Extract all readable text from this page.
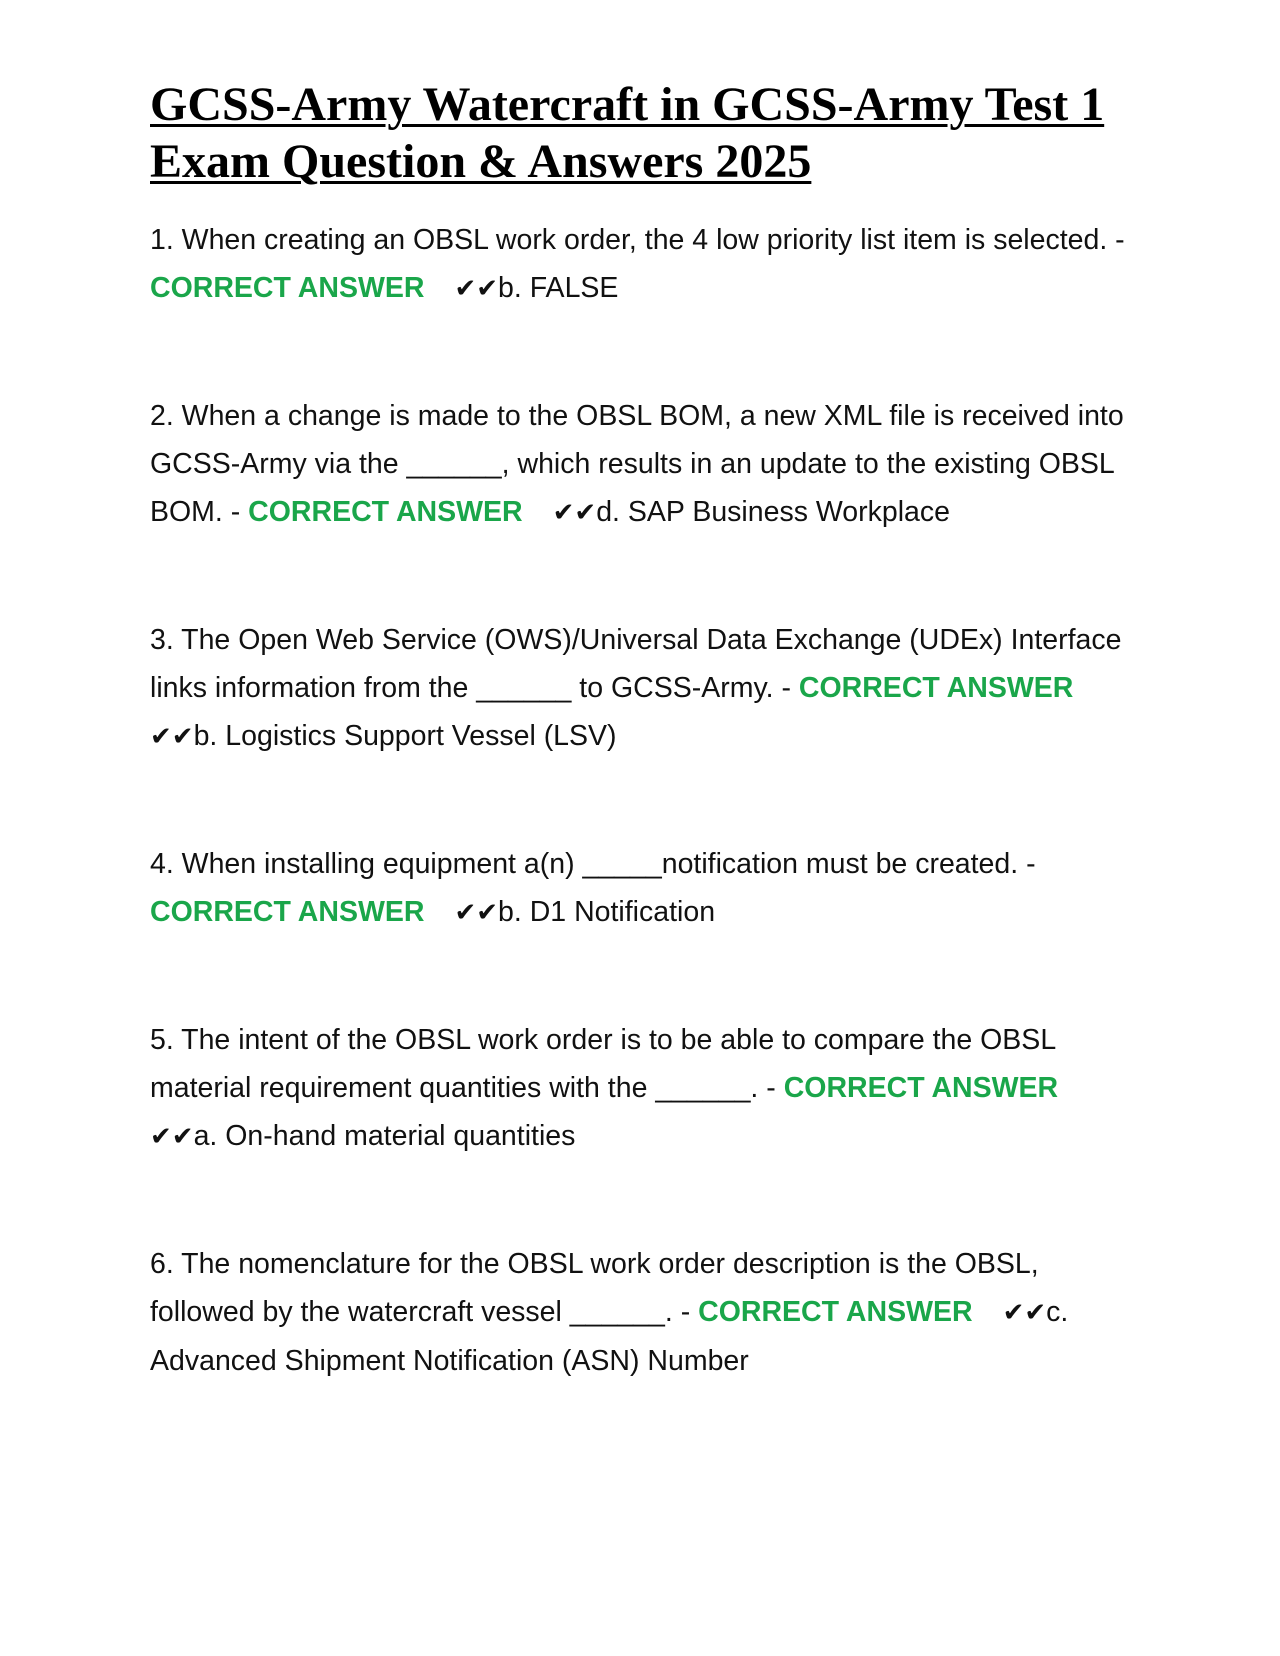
GCSS-Army Watercraft in GCSS-Army Test 1 Exam Question & Answers 2025

1. When creating an OBSL work order, the 4 low priority list item is selected. - CORRECT ANSWER ✔✔b. FALSE

2. When a change is made to the OBSL BOM, a new XML file is received into GCSS-Army via the ______, which results in an update to the existing OBSL BOM. - CORRECT ANSWER ✔✔d. SAP Business Workplace

3. The Open Web Service (OWS)/Universal Data Exchange (UDEx) Interface links information from the ______ to GCSS-Army. - CORRECT ANSWER✔✔b. Logistics Support Vessel (LSV)

4. When installing equipment a(n) _____notification must be created. - CORRECT ANSWER ✔✔b. D1 Notification

5. The intent of the OBSL work order is to be able to compare the OBSL material requirement quantities with the ______. - CORRECT ANSWER✔✔a. On-hand material quantities

6. The nomenclature for the OBSL work order description is the OBSL, followed by the watercraft vessel ______. - CORRECT ANSWER ✔✔c. Advanced Shipment Notification (ASN) Number
